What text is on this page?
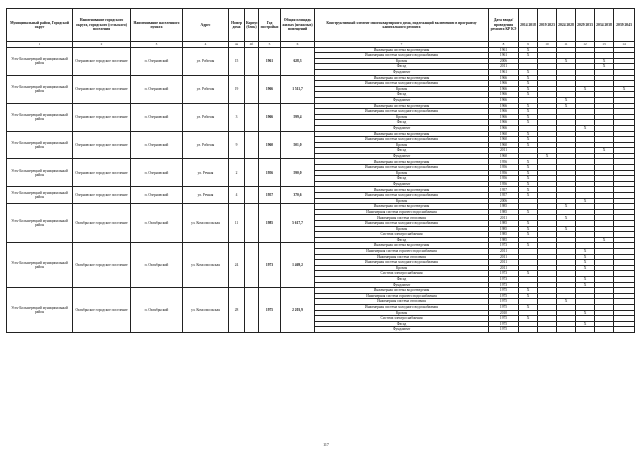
Муниципальный район, Городской округ	Наименование городского округа, городского (сельского) поселения	Наименование населенного пункта	Адрес	Номер дома	Корпус (блок)	Год постройки	Общая площадь жилых (нежилых) помещений	Конструктивный элемент многоквартирного дома, подлежащий включению в программу капитального ремонта	Дата ввода/ проведения ремонта КР КЭ	2014 2018	2019 2023	2024 2028	2029 2033	2034 2038	2039 2043
1	2	3	4	4а	4б	5	6	7	8	9	10	11	12	13	14
Усть-Большерецкий муниципальный район	Озерновское городское поселение	п. Озерновский	ул. Рабочая	15		1961	628,3	Инженерная система водоотведения	1961	X					
								Инженерная система холодного водоснабжения	1961	X					
								Кровля	2006			X		X	
								Фасад	2011					X	
								Фундамент	1961	X					
Усть-Большерецкий муниципальный район	Озерновское городское поселение	п. Озерновский	ул. Рабочая	19		1966	1 511,7	Инженерная система водоотведения	1966	X					
								Инженерная система холодного водоснабжения	1966	X					
								Кровля	1966	X			X		X
								Фасад	1966	X					
								Фундамент	1966			X			
Усть-Большерецкий муниципальный район	Озерновское городское поселение	п. Озерновский	ул. Рабочая	3		1966	599,4	Инженерная система водоотведения	1966	X		X			
								Инженерная система холодного водоснабжения	1966	X					
								Кровля	1966	X					
								Фасад	1966	X					
								Фундамент	1966				X		
Усть-Большерецкий муниципальный район	Озерновское городское поселение	п. Озерновский	ул. Рабочая	9		1960	501,0	Инженерная система водоотведения	1960	X					
								Инженерная система холодного водоснабжения	1960	X					
								Кровля	1960	X					
								Фасад	2011					X	
								Фундамент	1960		X				
Усть-Большерецкий муниципальный район	Озерновское городское поселение	п. Озерновский	ул. Речная	2		1956	590,0	Инженерная система водоотведения	1956	X					
								Инженерная система холодного водоснабжения	1956	X					
								Кровля	1956	X					
								Фасад	1956	X					
								Фундамент	1956	X					
Усть-Большерецкий муниципальный район	Озерновское городское поселение	п. Озерновский	ул. Речная	4		1957	370,6	Инженерная система водоотведения	1957	X					
								Инженерная система холодного водоснабжения	1957	X					
								Кровля	2006				X		
Усть-Большерецкий муниципальный район	Октябрьское городское поселение	п. Октябрьский	ул. Комсомольская	11		1985	5 617,7	Инженерная система водоотведения	1985			X			
								Инженерная система горячего водоснабжения	1985	X					
								Инженерная система отопления	2011			X			
								Инженерная система холодного водоснабжения	1985	X					
								Кровля	1985	X		X			
								Система электроснабжения	1985	X					
								Фасад	1985					X	
Усть-Большерецкий муниципальный район	Октябрьское городское поселение	п. Октябрьский	ул. Комсомольская	24		1973	1 469,2	Инженерная система водоотведения	1973	X					
								Инженерная система горячего водоснабжения	2011				X		
								Инженерная система отопления	2011				X		
								Инженерная система холодного водоснабжения	2011				X		
								Кровля	2011				X		
								Система электроснабжения	1973	X					
								Фасад	1973				X		
								Фундамент	1973				X		
Усть-Большерецкий муниципальный район	Октябрьское городское поселение	п. Октябрьский	ул. Комсомольская	28		1975	2 203,9	Инженерная система водоотведения	1975	X					
								Инженерная система горячего водоснабжения	1975	X					
								Инженерная система отопления	1975			X			
								Инженерная система холодного водоснабжения	1975	X					
								Кровля	2010				X		
								Система электроснабжения	1975	X					
								Фасад	1975				X		
								Фундамент	1975						
117
